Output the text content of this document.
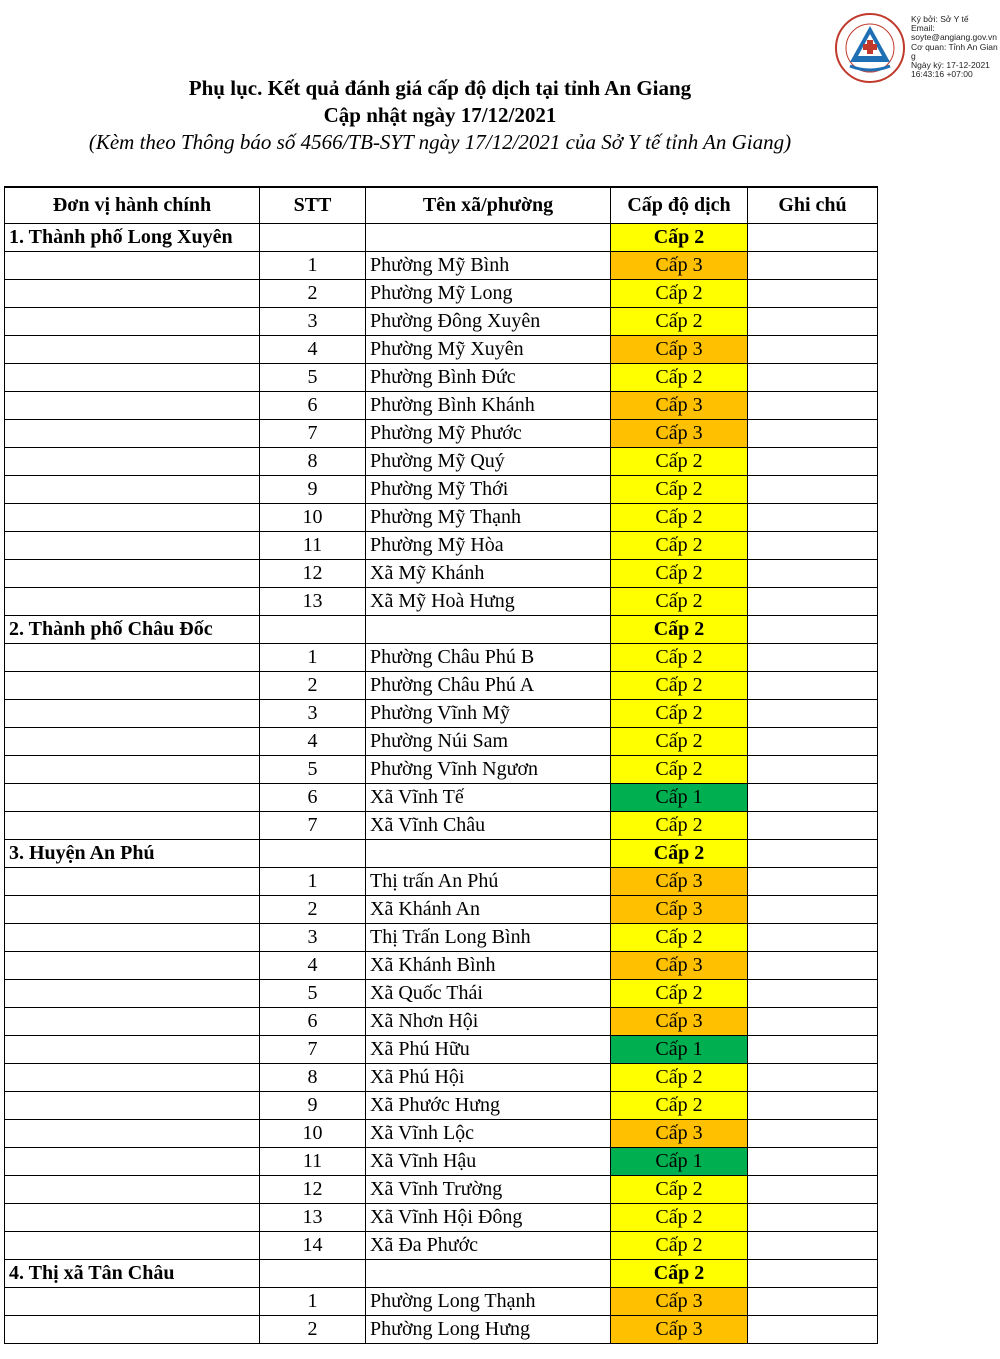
Ký bởi: Sở Y tế
Email:
soyte@angiang.gov.vn
Cơ quan: Tỉnh An Giang
Ngày ký: 17-12-2021
16:43:16 +07:00
Phụ lục. Kết quả đánh giá cấp độ dịch tại tỉnh An Giang
Cập nhật ngày 17/12/2021
(Kèm theo Thông báo số 4566/TB-SYT ngày 17/12/2021 của Sở Y tế tỉnh An Giang)
Đơn vị hành chính	STT	Tên xã/phường	Cấp độ dịch	Ghi chú
1. Thành phố Long Xuyên			Cấp 2	
	1	Phường Mỹ Bình	Cấp 3	
	2	Phường Mỹ Long	Cấp 2	
	3	Phường Đông Xuyên	Cấp 2	
	4	Phường Mỹ Xuyên	Cấp 3	
	5	Phường Bình Đức	Cấp 2	
	6	Phường Bình Khánh	Cấp 3	
	7	Phường Mỹ Phước	Cấp 3	
	8	Phường Mỹ Quý	Cấp 2	
	9	Phường Mỹ Thới	Cấp 2	
	10	Phường Mỹ Thạnh	Cấp 2	
	11	Phường Mỹ Hòa	Cấp 2	
	12	Xã Mỹ Khánh	Cấp 2	
	13	Xã Mỹ Hoà Hưng	Cấp 2	
2. Thành phố Châu Đốc			Cấp 2	
	1	Phường Châu Phú B	Cấp 2	
	2	Phường Châu Phú A	Cấp 2	
	3	Phường Vĩnh Mỹ	Cấp 2	
	4	Phường Núi Sam	Cấp 2	
	5	Phường Vĩnh Ngươn	Cấp 2	
	6	Xã Vĩnh Tế	Cấp 1	
	7	Xã Vĩnh Châu	Cấp 2	
3. Huyện An Phú			Cấp 2	
	1	Thị trấn An Phú	Cấp 3	
	2	Xã Khánh An	Cấp 3	
	3	Thị Trấn Long Bình	Cấp 2	
	4	Xã Khánh Bình	Cấp 3	
	5	Xã Quốc Thái	Cấp 2	
	6	Xã Nhơn Hội	Cấp 3	
	7	Xã Phú Hữu	Cấp 1	
	8	Xã Phú Hội	Cấp 2	
	9	Xã Phước Hưng	Cấp 2	
	10	Xã Vĩnh Lộc	Cấp 3	
	11	Xã Vĩnh Hậu	Cấp 1	
	12	Xã Vĩnh Trường	Cấp 2	
	13	Xã Vĩnh Hội Đông	Cấp 2	
	14	Xã Đa Phước	Cấp 2	
4. Thị xã Tân Châu			Cấp 2	
	1	Phường Long Thạnh	Cấp 3	
	2	Phường Long Hưng	Cấp 3	
